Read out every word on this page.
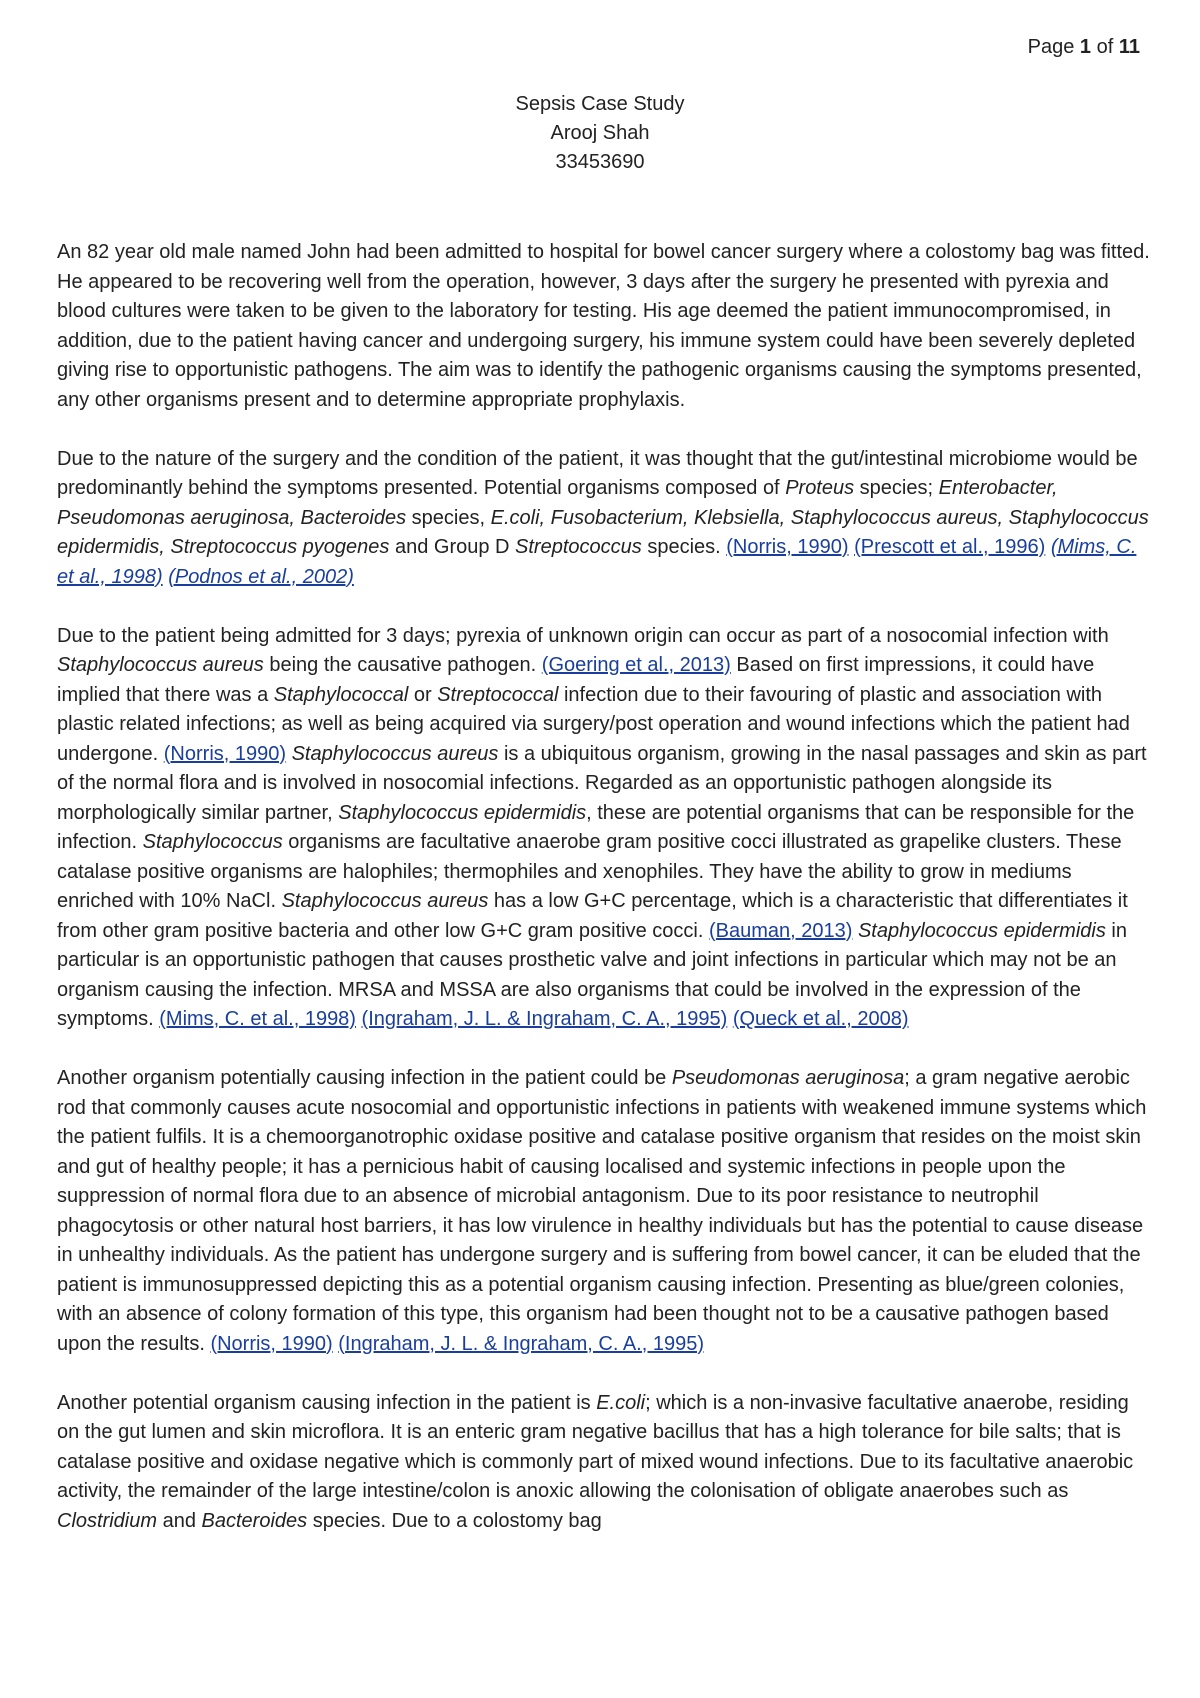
Page 1 of 11
Sepsis Case Study
Arooj Shah
33453690

An 82 year old male named John had been admitted to hospital for bowel cancer surgery where a colostomy bag was fitted. He appeared to be recovering well from the operation, however, 3 days after the surgery he presented with pyrexia and blood cultures were taken to be given to the laboratory for testing. His age deemed the patient immunocompromised, in addition, due to the patient having cancer and undergoing surgery, his immune system could have been severely depleted giving rise to opportunistic pathogens. The aim was to identify the pathogenic organisms causing the symptoms presented, any other organisms present and to determine appropriate prophylaxis.

Due to the nature of the surgery and the condition of the patient, it was thought that the gut/intestinal microbiome would be predominantly behind the symptoms presented. Potential organisms composed of Proteus species; Enterobacter, Pseudomonas aeruginosa, Bacteroides species, E.coli, Fusobacterium, Klebsiella, Staphylococcus aureus, Staphylococcus epidermidis, Streptococcus pyogenes and Group D Streptococcus species. (Norris, 1990) (Prescott et al., 1996) (Mims, C. et al., 1998) (Podnos et al., 2002)

Due to the patient being admitted for 3 days; pyrexia of unknown origin can occur as part of a nosocomial infection with Staphylococcus aureus being the causative pathogen. (Goering et al., 2013) Based on first impressions, it could have implied that there was a Staphylococcal or Streptococcal infection due to their favouring of plastic and association with plastic related infections; as well as being acquired via surgery/post operation and wound infections which the patient had undergone. (Norris, 1990) Staphylococcus aureus is a ubiquitous organism, growing in the nasal passages and skin as part of the normal flora and is involved in nosocomial infections. Regarded as an opportunistic pathogen alongside its morphologically similar partner, Staphylococcus epidermidis, these are potential organisms that can be responsible for the infection. Staphylococcus organisms are facultative anaerobe gram positive cocci illustrated as grapelike clusters. These catalase positive organisms are halophiles; thermophiles and xenophiles. They have the ability to grow in mediums enriched with 10% NaCl. Staphylococcus aureus has a low G+C percentage, which is a characteristic that differentiates it from other gram positive bacteria and other low G+C gram positive cocci. (Bauman, 2013) Staphylococcus epidermidis in particular is an opportunistic pathogen that causes prosthetic valve and joint infections in particular which may not be an organism causing the infection. MRSA and MSSA are also organisms that could be involved in the expression of the symptoms. (Mims, C. et al., 1998) (Ingraham, J. L. & Ingraham, C. A., 1995) (Queck et al., 2008)

Another organism potentially causing infection in the patient could be Pseudomonas aeruginosa; a gram negative aerobic rod that commonly causes acute nosocomial and opportunistic infections in patients with weakened immune systems which the patient fulfils. It is a chemoorganotrophic oxidase positive and catalase positive organism that resides on the moist skin and gut of healthy people; it has a pernicious habit of causing localised and systemic infections in people upon the suppression of normal flora due to an absence of microbial antagonism. Due to its poor resistance to neutrophil phagocytosis or other natural host barriers, it has low virulence in healthy individuals but has the potential to cause disease in unhealthy individuals. As the patient has undergone surgery and is suffering from bowel cancer, it can be eluded that the patient is immunosuppressed depicting this as a potential organism causing infection. Presenting as blue/green colonies, with an absence of colony formation of this type, this organism had been thought not to be a causative pathogen based upon the results. (Norris, 1990) (Ingraham, J. L. & Ingraham, C. A., 1995)

Another potential organism causing infection in the patient is E.coli; which is a non-invasive facultative anaerobe, residing on the gut lumen and skin microflora. It is an enteric gram negative bacillus that has a high tolerance for bile salts; that is catalase positive and oxidase negative which is commonly part of mixed wound infections. Due to its facultative anaerobic activity, the remainder of the large intestine/colon is anoxic allowing the colonisation of obligate anaerobes such as Clostridium and Bacteroides species. Due to a colostomy bag
